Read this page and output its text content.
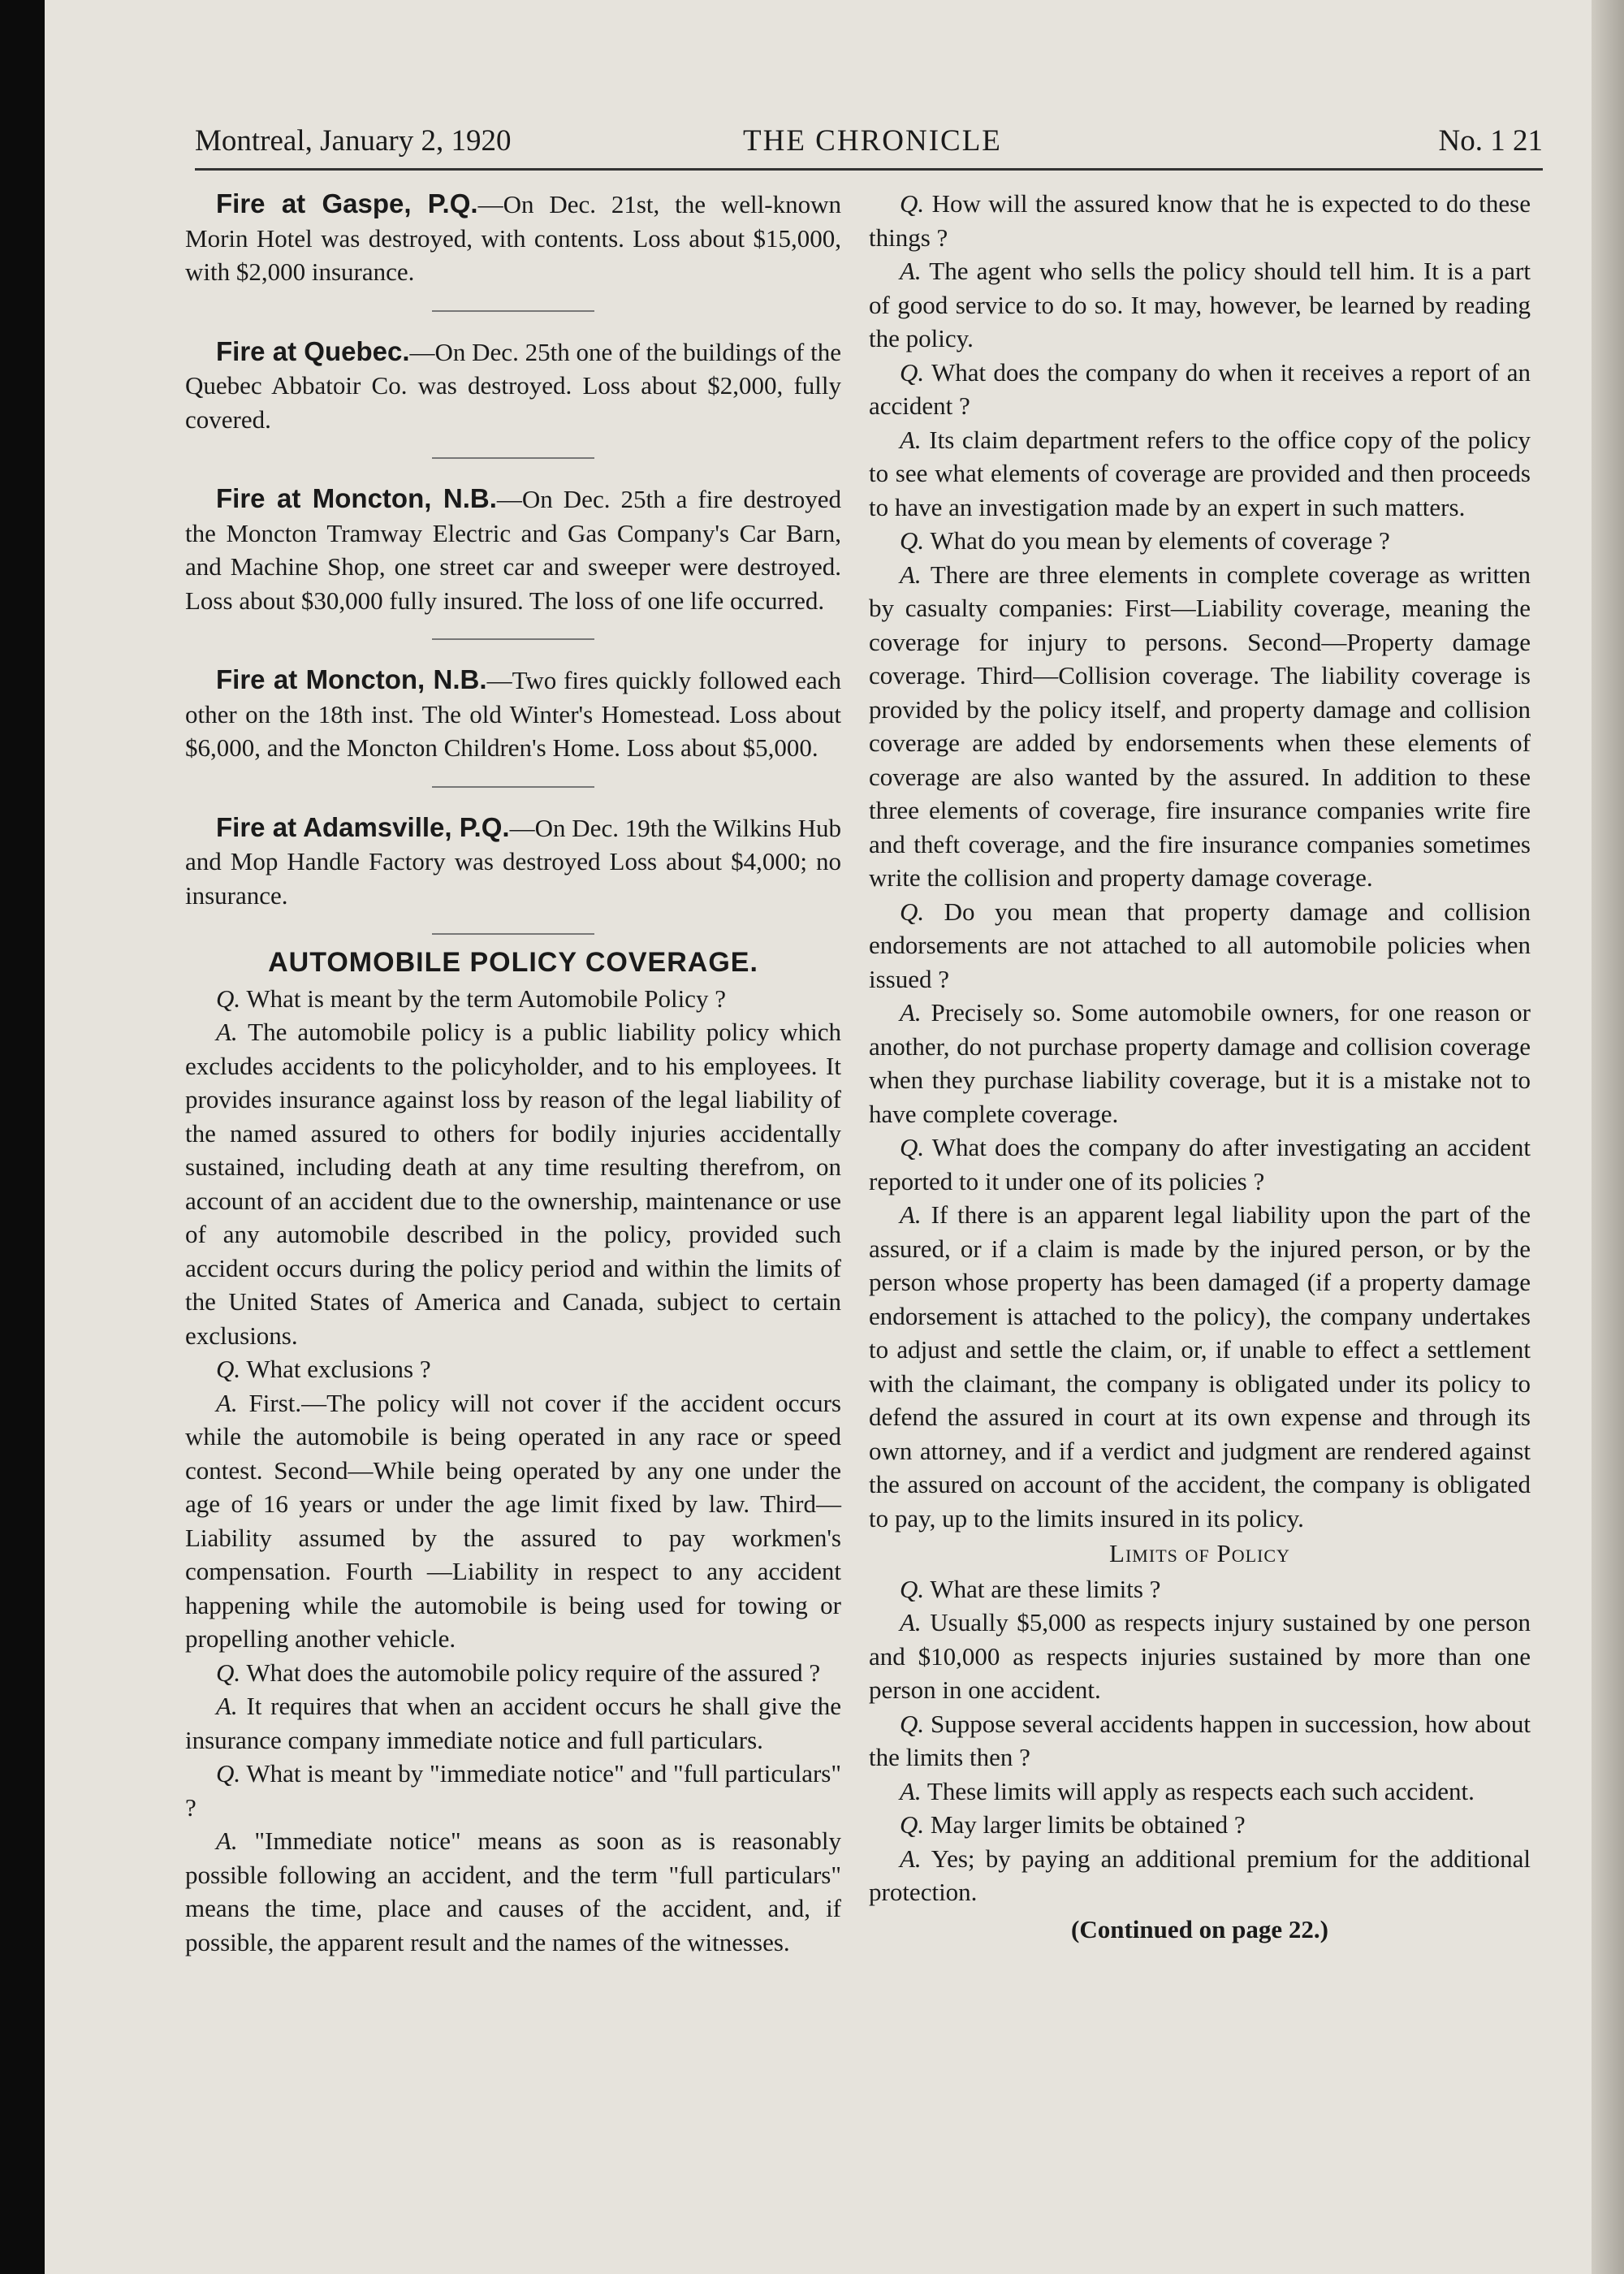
Montreal, January 2, 1920	THE CHRONICLE	No. 1 21

Fire at Gaspe, P.Q.—On Dec. 21st, the well-known Morin Hotel was destroyed, with contents. Loss about $15,000, with $2,000 insurance.

Fire at Quebec.—On Dec. 25th one of the buildings of the Quebec Abbatoir Co. was destroyed. Loss about $2,000, fully covered.

Fire at Moncton, N.B.—On Dec. 25th a fire destroyed the Moncton Tramway Electric and Gas Company's Car Barn, and Machine Shop, one street car and sweeper were destroyed. Loss about $30,000 fully insured. The loss of one life occurred.

Fire at Moncton, N.B.—Two fires quickly followed each other on the 18th inst. The old Winter's Homestead. Loss about $6,000, and the Moncton Children's Home. Loss about $5,000.

Fire at Adamsville, P.Q.—On Dec. 19th the Wilkins Hub and Mop Handle Factory was destroyed Loss about $4,000; no insurance.

AUTOMOBILE POLICY COVERAGE.

Q. What is meant by the term Automobile Policy ?

A. The automobile policy is a public liability policy which excludes accidents to the policyholder, and to his employees. It provides insurance against loss by reason of the legal liability of the named assured to others for bodily injuries accidentally sustained, including death at any time resulting therefrom, on account of an accident due to the ownership, maintenance or use of any automobile described in the policy, provided such accident occurs during the policy period and within the limits of the United States of America and Canada, subject to certain exclusions.

Q. What exclusions ?

A. First.—The policy will not cover if the accident occurs while the automobile is being operated in any race or speed contest. Second—While being operated by any one under the age of 16 years or under the age limit fixed by law. Third—Liability assumed by the assured to pay workmen's compensation. Fourth —Liability in respect to any accident happening while the automobile is being used for towing or propelling another vehicle.

Q. What does the automobile policy require of the assured ?

A. It requires that when an accident occurs he shall give the insurance company immediate notice and full particulars.

Q. What is meant by "immediate notice" and "full particulars" ?

A. "Immediate notice" means as soon as is reasonably possible following an accident, and the term "full particulars" means the time, place and causes of the accident, and, if possible, the apparent result and the names of the witnesses.

Q. How will the assured know that he is expected to do these things ?

A. The agent who sells the policy should tell him. It is a part of good service to do so. It may, however, be learned by reading the policy.

Q. What does the company do when it receives a report of an accident ?

A. Its claim department refers to the office copy of the policy to see what elements of coverage are provided and then proceeds to have an investigation made by an expert in such matters.

Q. What do you mean by elements of coverage ?

A. There are three elements in complete coverage as written by casualty companies: First—Liability coverage, meaning the coverage for injury to persons. Second—Property damage coverage. Third—Collision coverage. The liability coverage is provided by the policy itself, and property damage and collision coverage are added by endorsements when these elements of coverage are also wanted by the assured. In addition to these three elements of coverage, fire insurance companies write fire and theft coverage, and the fire insurance companies sometimes write the collision and property damage coverage.

Q. Do you mean that property damage and collision endorsements are not attached to all automobile policies when issued ?

A. Precisely so. Some automobile owners, for one reason or another, do not purchase property damage and collision coverage when they purchase liability coverage, but it is a mistake not to have complete coverage.

Q. What does the company do after investigating an accident reported to it under one of its policies ?

A. If there is an apparent legal liability upon the part of the assured, or if a claim is made by the injured person, or by the person whose property has been damaged (if a property damage endorsement is attached to the policy), the company undertakes to adjust and settle the claim, or, if unable to effect a settlement with the claimant, the company is obligated under its policy to defend the assured in court at its own expense and through its own attorney, and if a verdict and judgment are rendered against the assured on account of the accident, the company is obligated to pay, up to the limits insured in its policy.

Limits of Policy

Q. What are these limits ?

A. Usually $5,000 as respects injury sustained by one person and $10,000 as respects injuries sustained by more than one person in one accident.

Q. Suppose several accidents happen in succession, how about the limits then ?

A. These limits will apply as respects each such accident.

Q. May larger limits be obtained ?

A. Yes; by paying an additional premium for the additional protection.

(Continued on page 22.)
